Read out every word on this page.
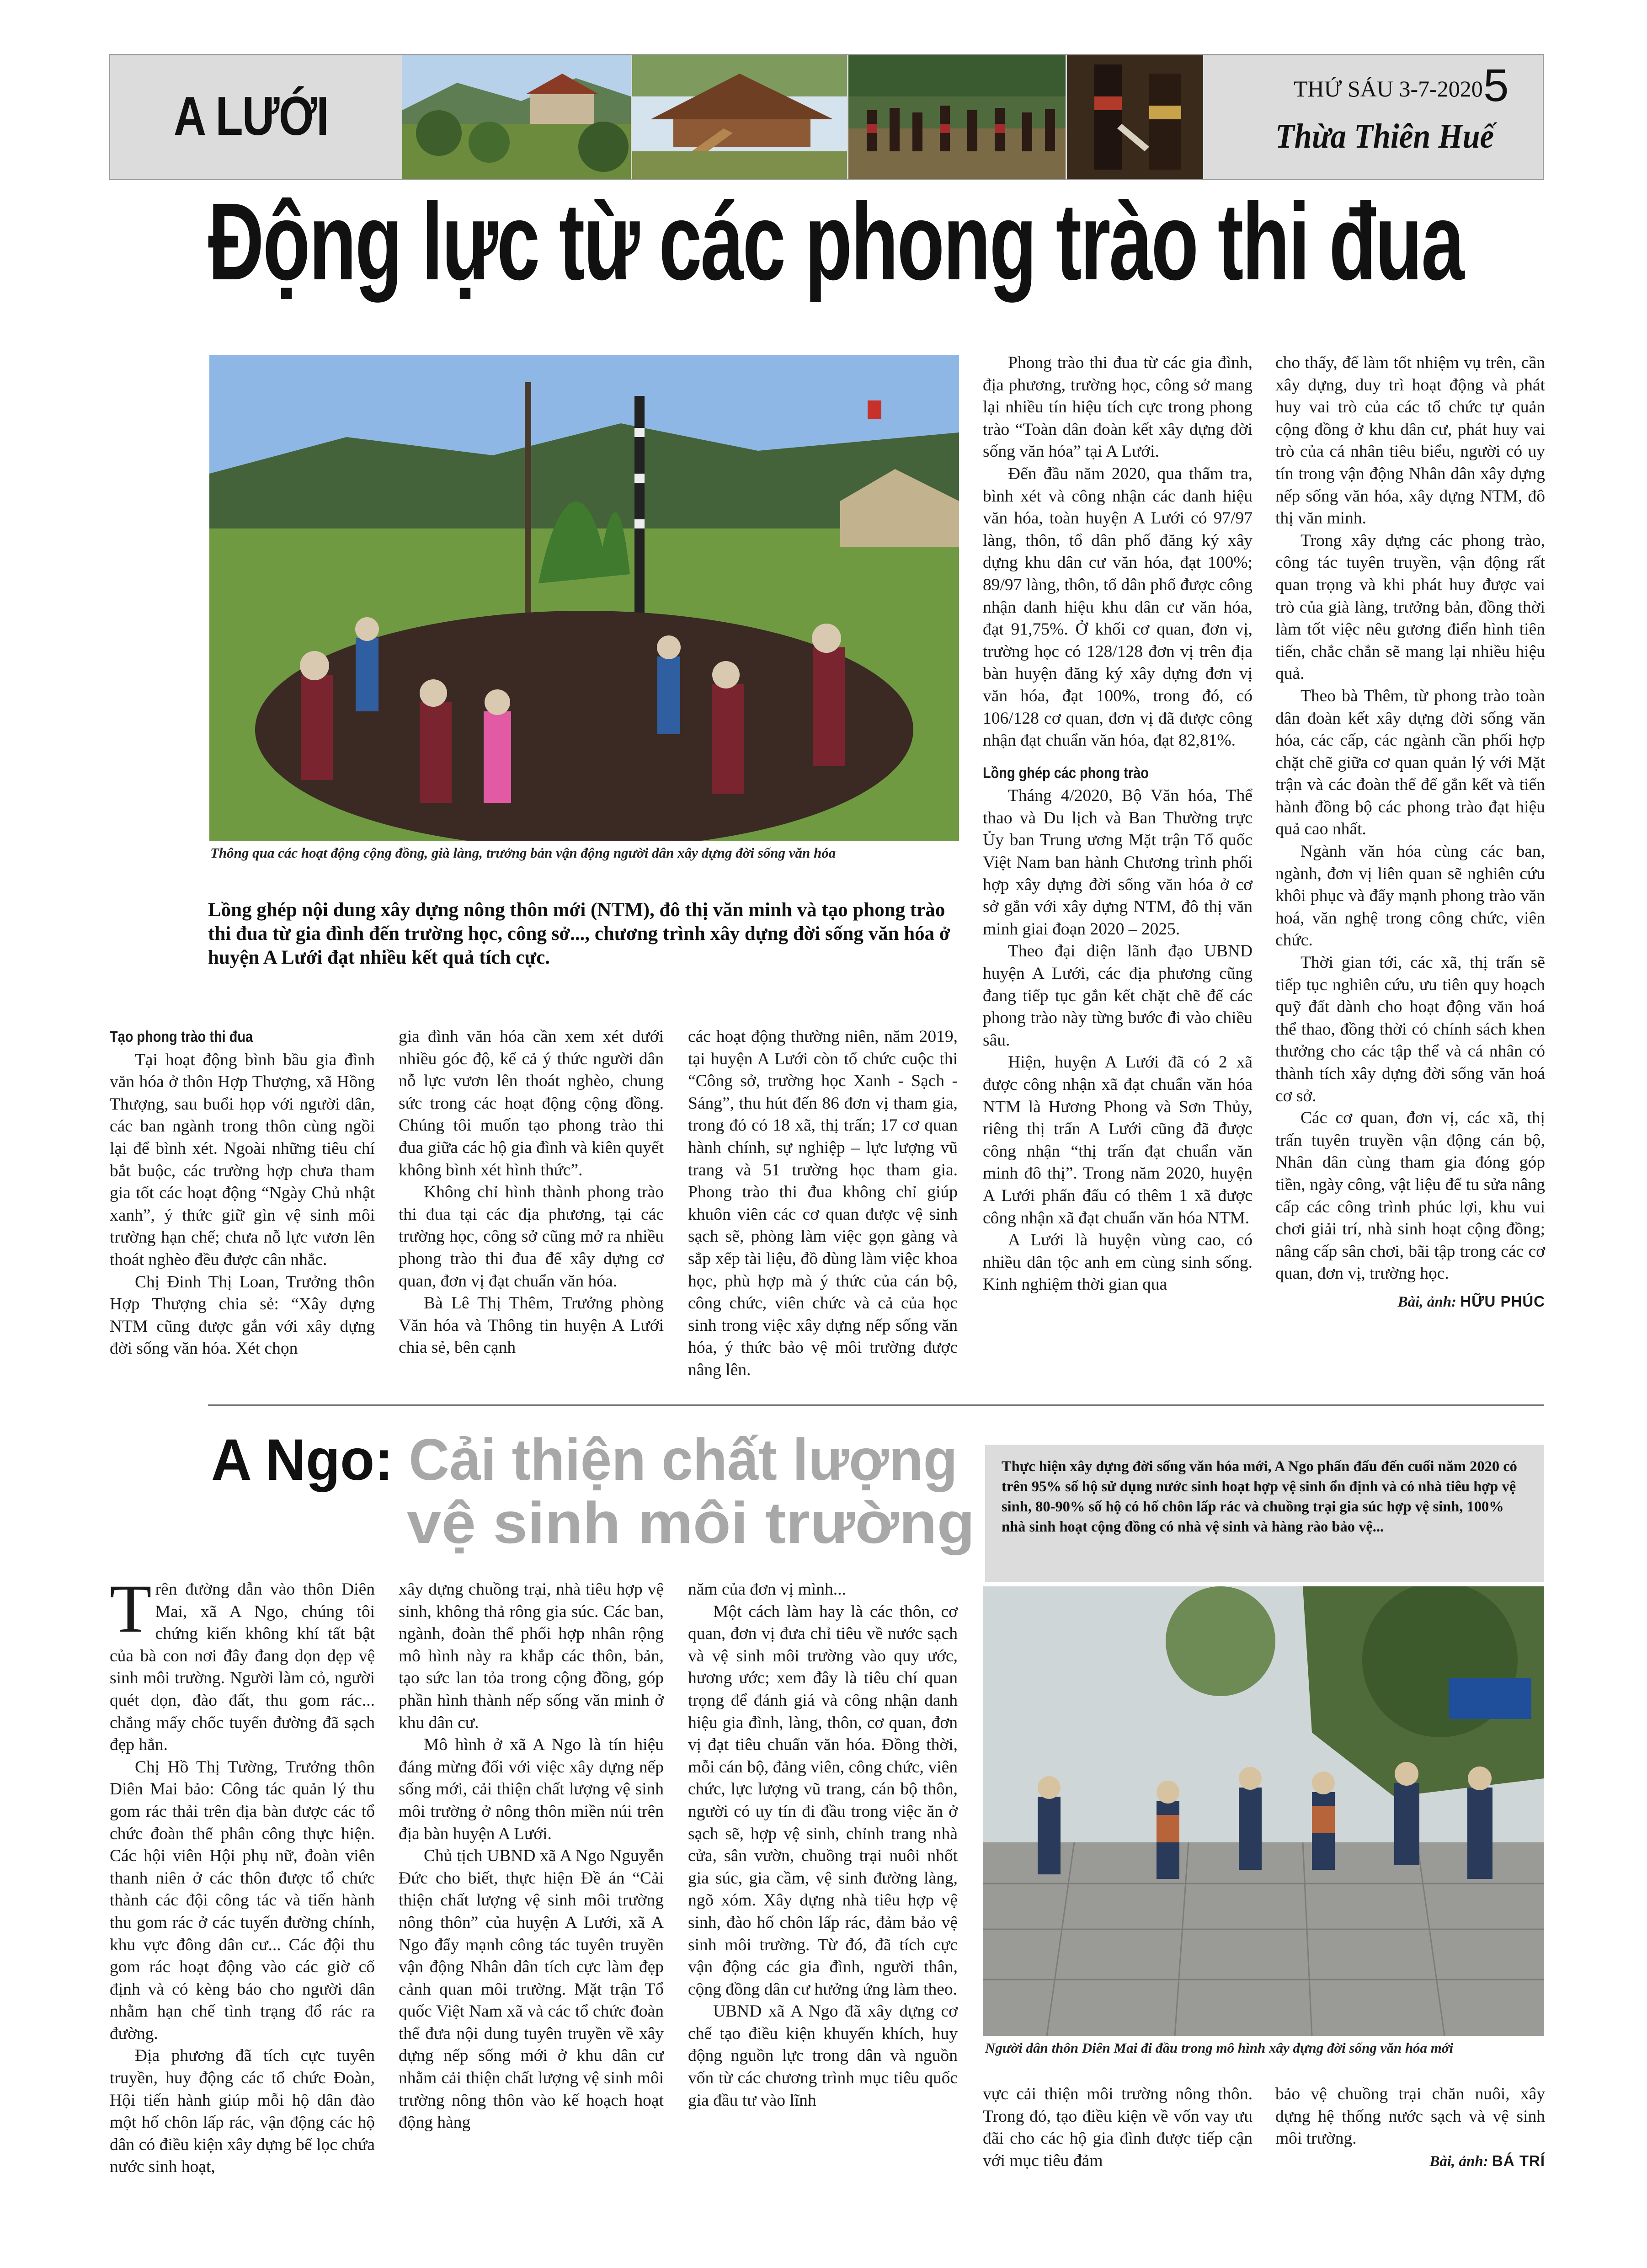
A LƯỚI	THỨ SÁU 3-7-2020 5
Thừa Thiên Huế
Động lực từ các phong trào thi đua
Thông qua các hoạt động cộng đồng, già làng, trưởng bản vận động người dân xây dựng đời sống văn hóa
Lồng ghép nội dung xây dựng nông thôn mới (NTM), đô thị văn minh và tạo phong trào thi đua từ gia đình đến trường học, công sở..., chương trình xây dựng đời sống văn hóa ở huyện A Lưới đạt nhiều kết quả tích cực.
Tạo phong trào thi đua

Tại hoạt động bình bầu gia đình văn hóa ở thôn Hợp Thượng, xã Hồng Thượng, sau buổi họp với người dân, các ban ngành trong thôn cùng ngồi lại để bình xét. Ngoài những tiêu chí bắt buộc, các trường hợp chưa tham gia tốt các hoạt động “Ngày Chủ nhật xanh”, ý thức giữ gìn vệ sinh môi trường hạn chế; chưa nỗ lực vươn lên thoát nghèo đều được cân nhắc.

Chị Đinh Thị Loan, Trưởng thôn Hợp Thượng chia sẻ: “Xây dựng NTM cũng được gắn với xây dựng đời sống văn hóa. Xét chọn

gia đình văn hóa cần xem xét dưới nhiều góc độ, kể cả ý thức người dân nỗ lực vươn lên thoát nghèo, chung sức trong các hoạt động cộng đồng. Chúng tôi muốn tạo phong trào thi đua giữa các hộ gia đình và kiên quyết không bình xét hình thức”.

Không chỉ hình thành phong trào thi đua tại các địa phương, tại các trường học, công sở cũng mở ra nhiều phong trào thi đua để xây dựng cơ quan, đơn vị đạt chuẩn văn hóa.

Bà Lê Thị Thêm, Trưởng phòng Văn hóa và Thông tin huyện A Lưới chia sẻ, bên cạnh

các hoạt động thường niên, năm 2019, tại huyện A Lưới còn tổ chức cuộc thi “Công sở, trường học Xanh - Sạch - Sáng”, thu hút đến 86 đơn vị tham gia, trong đó có 18 xã, thị trấn; 17 cơ quan hành chính, sự nghiệp – lực lượng vũ trang và 51 trường học tham gia. Phong trào thi đua không chỉ giúp khuôn viên các cơ quan được vệ sinh sạch sẽ, phòng làm việc gọn gàng và sắp xếp tài liệu, đồ dùng làm việc khoa học, phù hợp mà ý thức của cán bộ, công chức, viên chức và cả của học sinh trong việc xây dựng nếp sống văn hóa, ý thức bảo vệ môi trường được nâng lên.

Phong trào thi đua từ các gia đình, địa phương, trường học, công sở mang lại nhiều tín hiệu tích cực trong phong trào “Toàn dân đoàn kết xây dựng đời sống văn hóa” tại A Lưới.

Đến đầu năm 2020, qua thẩm tra, bình xét và công nhận các danh hiệu văn hóa, toàn huyện A Lưới có 97/97 làng, thôn, tổ dân phố đăng ký xây dựng khu dân cư văn hóa, đạt 100%; 89/97 làng, thôn, tổ dân phố được công nhận danh hiệu khu dân cư văn hóa, đạt 91,75%. Ở khối cơ quan, đơn vị, trường học có 128/128 đơn vị trên địa bàn huyện đăng ký xây dựng đơn vị văn hóa, đạt 100%, trong đó, có 106/128 cơ quan, đơn vị đã được công nhận đạt chuẩn văn hóa, đạt 82,81%.

Lồng ghép các phong trào

Tháng 4/2020, Bộ Văn hóa, Thể thao và Du lịch và Ban Thường trực Ủy ban Trung ương Mặt trận Tổ quốc Việt Nam ban hành Chương trình phối hợp xây dựng đời sống văn hóa ở cơ sở gắn với xây dựng NTM, đô thị văn minh giai đoạn 2020 – 2025.

Theo đại diện lãnh đạo UBND huyện A Lưới, các địa phương cũng đang tiếp tục gắn kết chặt chẽ để các phong trào này từng bước đi vào chiều sâu.

Hiện, huyện A Lưới đã có 2 xã được công nhận xã đạt chuẩn văn hóa NTM là Hương Phong và Sơn Thủy, riêng thị trấn A Lưới cũng đã được công nhận “thị trấn đạt chuẩn văn minh đô thị”. Trong năm 2020, huyện A Lưới phấn đấu có thêm 1 xã được công nhận xã đạt chuẩn văn hóa NTM.

A Lưới là huyện vùng cao, có nhiều dân tộc anh em cùng sinh sống. Kinh nghiệm thời gian qua

cho thấy, để làm tốt nhiệm vụ trên, cần xây dựng, duy trì hoạt động và phát huy vai trò của các tổ chức tự quản cộng đồng ở khu dân cư, phát huy vai trò của cá nhân tiêu biểu, người có uy tín trong vận động Nhân dân xây dựng nếp sống văn hóa, xây dựng NTM, đô thị văn minh.

Trong xây dựng các phong trào, công tác tuyên truyền, vận động rất quan trọng và khi phát huy được vai trò của già làng, trưởng bản, đồng thời làm tốt việc nêu gương điển hình tiên tiến, chắc chắn sẽ mang lại nhiều hiệu quả.

Theo bà Thêm, từ phong trào toàn dân đoàn kết xây dựng đời sống văn hóa, các cấp, các ngành cần phối hợp chặt chẽ giữa cơ quan quản lý với Mặt trận và các đoàn thể để gắn kết và tiến hành đồng bộ các phong trào đạt hiệu quả cao nhất.

Ngành văn hóa cùng các ban, ngành, đơn vị liên quan sẽ nghiên cứu khôi phục và đẩy mạnh phong trào văn hoá, văn nghệ trong công chức, viên chức.

Thời gian tới, các xã, thị trấn sẽ tiếp tục nghiên cứu, ưu tiên quy hoạch quỹ đất dành cho hoạt động văn hoá thể thao, đồng thời có chính sách khen thưởng cho các tập thể và cá nhân có thành tích xây dựng đời sống văn hoá cơ sở.

Các cơ quan, đơn vị, các xã, thị trấn tuyên truyền vận động cán bộ, Nhân dân cùng tham gia đóng góp tiền, ngày công, vật liệu để tu sửa nâng cấp các công trình phúc lợi, khu vui chơi giải trí, nhà sinh hoạt cộng đồng; nâng cấp sân chơi, bãi tập trong các cơ quan, đơn vị, trường học.

Bài, ảnh: HỮU PHÚC
A Ngo: Cải thiện chất lượng
vệ sinh môi trường
Thực hiện xây dựng đời sống văn hóa mới, A Ngo phấn đấu đến cuối năm 2020 có trên 95% số hộ sử dụng nước sinh hoạt hợp vệ sinh ổn định và có nhà tiêu hợp vệ sinh, 80-90% số hộ có hố chôn lấp rác và chuồng trại gia súc hợp vệ sinh, 100% nhà sinh hoạt cộng đồng có nhà vệ sinh và hàng rào bảo vệ...
Người dân thôn Diên Mai đi đầu trong mô hình xây dựng đời sống văn hóa mới

Trên đường dẫn vào thôn Diên Mai, xã A Ngo, chúng tôi chứng kiến không khí tất bật của bà con nơi đây đang dọn dẹp vệ sinh môi trường. Người làm cỏ, người quét dọn, đào đất, thu gom rác... chẳng mấy chốc tuyến đường đã sạch đẹp hẳn.

Chị Hồ Thị Tường, Trưởng thôn Diên Mai bảo: Công tác quản lý thu gom rác thải trên địa bàn được các tổ chức đoàn thể phân công thực hiện. Các hội viên Hội phụ nữ, đoàn viên thanh niên ở các thôn được tổ chức thành các đội công tác và tiến hành thu gom rác ở các tuyến đường chính, khu vực đông dân cư... Các đội thu gom rác hoạt động vào các giờ cố định và có kèng báo cho người dân nhằm hạn chế tình trạng đổ rác ra đường.

Địa phương đã tích cực tuyên truyền, huy động các tổ chức Đoàn, Hội tiến hành giúp mỗi hộ dân đào một hố chôn lấp rác, vận động các hộ dân có điều kiện xây dựng bể lọc chứa nước sinh hoạt,

xây dựng chuồng trại, nhà tiêu hợp vệ sinh, không thả rông gia súc. Các ban, ngành, đoàn thể phối hợp nhân rộng mô hình này ra khắp các thôn, bản, tạo sức lan tỏa trong cộng đồng, góp phần hình thành nếp sống văn minh ở khu dân cư.

Mô hình ở xã A Ngo là tín hiệu đáng mừng đối với việc xây dựng nếp sống mới, cải thiện chất lượng vệ sinh môi trường ở nông thôn miền núi trên địa bàn huyện A Lưới.

Chủ tịch UBND xã A Ngo Nguyễn Đức cho biết, thực hiện Đề án “Cải thiện chất lượng vệ sinh môi trường nông thôn” của huyện A Lưới, xã A Ngo đẩy mạnh công tác tuyên truyền vận động Nhân dân tích cực làm đẹp cảnh quan môi trường. Mặt trận Tổ quốc Việt Nam xã và các tổ chức đoàn thể đưa nội dung tuyên truyền về xây dựng nếp sống mới ở khu dân cư nhằm cải thiện chất lượng vệ sinh môi trường nông thôn vào kế hoạch hoạt động hàng

năm của đơn vị mình...

Một cách làm hay là các thôn, cơ quan, đơn vị đưa chỉ tiêu về nước sạch và vệ sinh môi trường vào quy ước, hương ước; xem đây là tiêu chí quan trọng để đánh giá và công nhận danh hiệu gia đình, làng, thôn, cơ quan, đơn vị đạt tiêu chuẩn văn hóa. Đồng thời, mỗi cán bộ, đảng viên, công chức, viên chức, lực lượng vũ trang, cán bộ thôn, người có uy tín đi đầu trong việc ăn ở sạch sẽ, hợp vệ sinh, chỉnh trang nhà cửa, sân vườn, chuồng trại nuôi nhốt gia súc, gia cầm, vệ sinh đường làng, ngõ xóm. Xây dựng nhà tiêu hợp vệ sinh, đào hố chôn lấp rác, đảm bảo vệ sinh môi trường. Từ đó, đã tích cực vận động các gia đình, người thân, cộng đồng dân cư hưởng ứng làm theo.

UBND xã A Ngo đã xây dựng cơ chế tạo điều kiện khuyến khích, huy động nguồn lực trong dân và nguồn vốn từ các chương trình mục tiêu quốc gia đầu tư vào lĩnh	vực cải thiện môi trường nông thôn. Trong đó, tạo điều kiện về vốn vay ưu đãi cho các hộ gia đình được tiếp cận với mục tiêu đảm

bảo vệ chuồng trại chăn nuôi, xây dựng hệ thống nước sạch và vệ sinh môi trường.

Bài, ảnh: BÁ TRÍ
